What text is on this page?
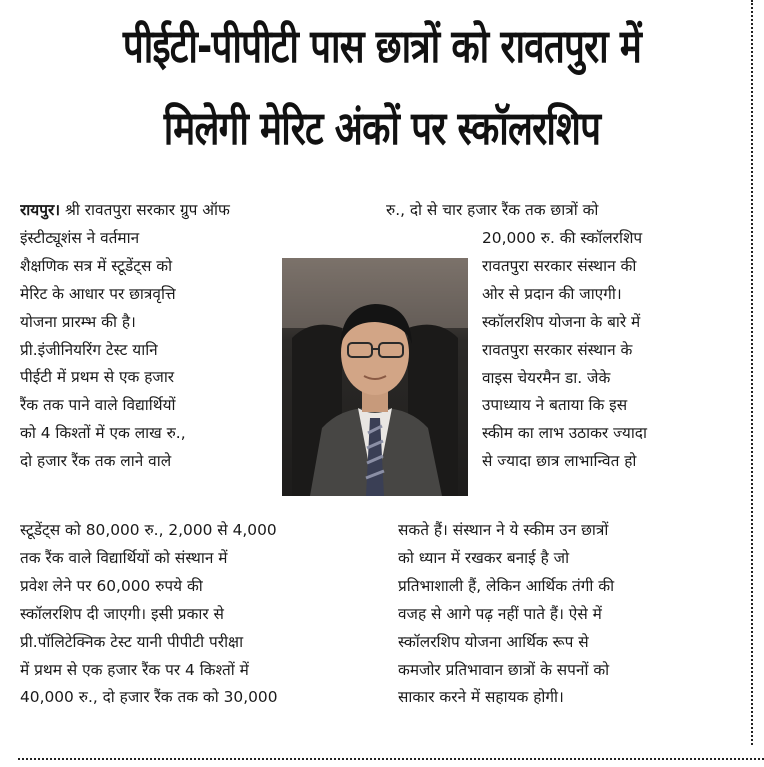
पीईटी-पीपीटी पास छात्रों को रावतपुरा में
मिलेगी मेरिट अंकों पर स्कॉलरशिप
रायपुर। श्री रावतपुरा सरकार ग्रुप ऑफ
इंस्टीट्यूशंस ने वर्तमान
शैक्षणिक सत्र में स्टूडेंट्स को
मेरिट के आधार पर छात्रवृत्ति
योजना प्रारम्भ की है।
प्री.इंजीनियरिंग टेस्ट यानि
पीईटी में प्रथम से एक हजार
रैंक तक पाने वाले विद्यार्थियों
को 4 किश्तों में एक लाख रु.,
दो हजार रैंक तक लाने वाले
स्टूडेंट्स को 80,000 रु., 2,000 से 4,000
तक रैंक वाले विद्यार्थियों को संस्थान में
प्रवेश लेने पर 60,000 रुपये की
स्कॉलरशिप दी जाएगी। इसी प्रकार से
प्री.पॉलिटेक्निक टेस्ट यानी पीपीटी परीक्षा
में प्रथम से एक हजार रैंक पर 4 किश्तों में
40,000 रु., दो हजार रैंक तक को 30,000
रु., दो से चार हजार रैंक तक छात्रों को
20,000 रु. की स्कॉलरशिप
रावतपुरा सरकार संस्थान की
ओर से प्रदान की जाएगी।
स्कॉलरशिप योजना के बारे में
रावतपुरा सरकार संस्थान के
वाइस चेयरमैन डा. जेके
उपाध्याय ने बताया कि इस
स्कीम का लाभ उठाकर ज्यादा
से ज्यादा छात्र लाभान्वित हो
सकते हैं। संस्थान ने ये स्कीम उन छात्रों
को ध्यान में रखकर बनाई है जो
प्रतिभाशाली हैं, लेकिन आर्थिक तंगी की
वजह से आगे पढ़ नहीं पाते हैं। ऐसे में
स्कॉलरशिप योजना आर्थिक रूप से
कमजोर प्रतिभावान छात्रों के सपनों को
साकार करने में सहायक होगी।
